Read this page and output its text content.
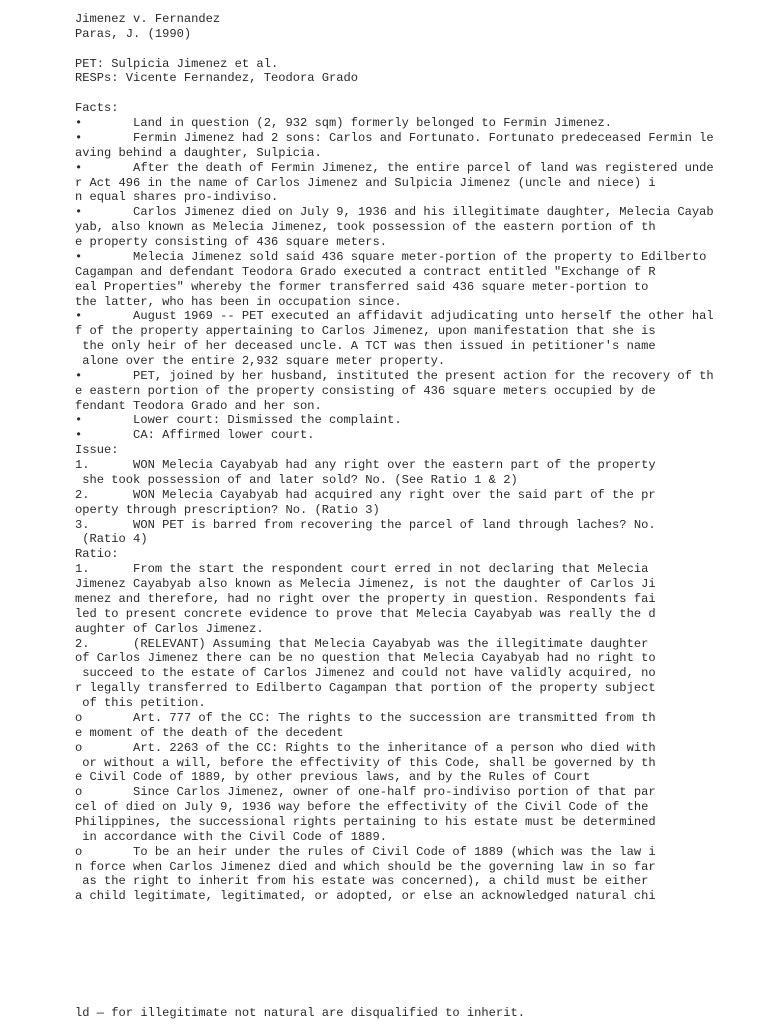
Jimenez v. Fernandez
Paras, J. (1990)
PET: Sulpicia Jimenez et al.
RESPs: Vicente Fernandez, Teodora Grado
Facts:
•       Land in question (2, 932 sqm) formerly belonged to Fermin Jimenez.
•       Fermin Jimenez had 2 sons: Carlos and Fortunato. Fortunato predeceased Fermin le
aving behind a daughter, Sulpicia.
•       After the death of Fermin Jimenez, the entire parcel of land was registered unde
r Act 496 in the name of Carlos Jimenez and Sulpicia Jimenez (uncle and niece) i
n equal shares pro-indiviso.
•       Carlos Jimenez died on July 9, 1936 and his illegitimate daughter, Melecia Cayab
yab, also known as Melecia Jimenez, took possession of the eastern portion of th
e property consisting of 436 square meters.
•       Melecia Jimenez sold said 436 square meter-portion of the property to Edilberto
Cagampan and defendant Teodora Grado executed a contract entitled "Exchange of R
eal Properties" whereby the former transferred said 436 square meter-portion to
the latter, who has been in occupation since.
•       August 1969 -- PET executed an affidavit adjudicating unto herself the other hal
f of the property appertaining to Carlos Jimenez, upon manifestation that she is
the only heir of her deceased uncle. A TCT was then issued in petitioner's name
alone over the entire 2,932 square meter property.
•       PET, joined by her husband, instituted the present action for the recovery of th
e eastern portion of the property consisting of 436 square meters occupied by de
fendant Teodora Grado and her son.
•       Lower court: Dismissed the complaint.
•       CA: Affirmed lower court.
Issue:
1.      WON Melecia Cayabyab had any right over the eastern part of the property
she took possession of and later sold? No. (See Ratio 1 & 2)
2.      WON Melecia Cayabyab had acquired any right over the said part of the pr
operty through prescription? No. (Ratio 3)
3.      WON PET is barred from recovering the parcel of land through laches? No.
(Ratio 4)
Ratio:
1.      From the start the respondent court erred in not declaring that Melecia
Jimenez Cayabyab also known as Melecia Jimenez, is not the daughter of Carlos Ji
menez and therefore, had no right over the property in question. Respondents fai
led to present concrete evidence to prove that Melecia Cayabyab was really the d
aughter of Carlos Jimenez.
2.      (RELEVANT) Assuming that Melecia Cayabyab was the illegitimate daughter
of Carlos Jimenez there can be no question that Melecia Cayabyab had no right to
succeed to the estate of Carlos Jimenez and could not have validly acquired, no
r legally transferred to Edilberto Cagampan that portion of the property subject
of this petition.
o       Art. 777 of the CC: The rights to the succession are transmitted from th
e moment of the death of the decedent
o       Art. 2263 of the CC: Rights to the inheritance of a person who died with
or without a will, before the effectivity of this Code, shall be governed by th
e Civil Code of 1889, by other previous laws, and by the Rules of Court
o       Since Carlos Jimenez, owner of one-half pro-indiviso portion of that par
cel of died on July 9, 1936 way before the effectivity of the Civil Code of the
Philippines, the successional rights pertaining to his estate must be determined
in accordance with the Civil Code of 1889.
o       To be an heir under the rules of Civil Code of 1889 (which was the law i
n force when Carlos Jimenez died and which should be the governing law in so far
as the right to inherit from his estate was concerned), a child must be either
a child legitimate, legitimated, or adopted, or else an acknowledged natural chi

ld — for illegitimate not natural are disqualified to inherit.
